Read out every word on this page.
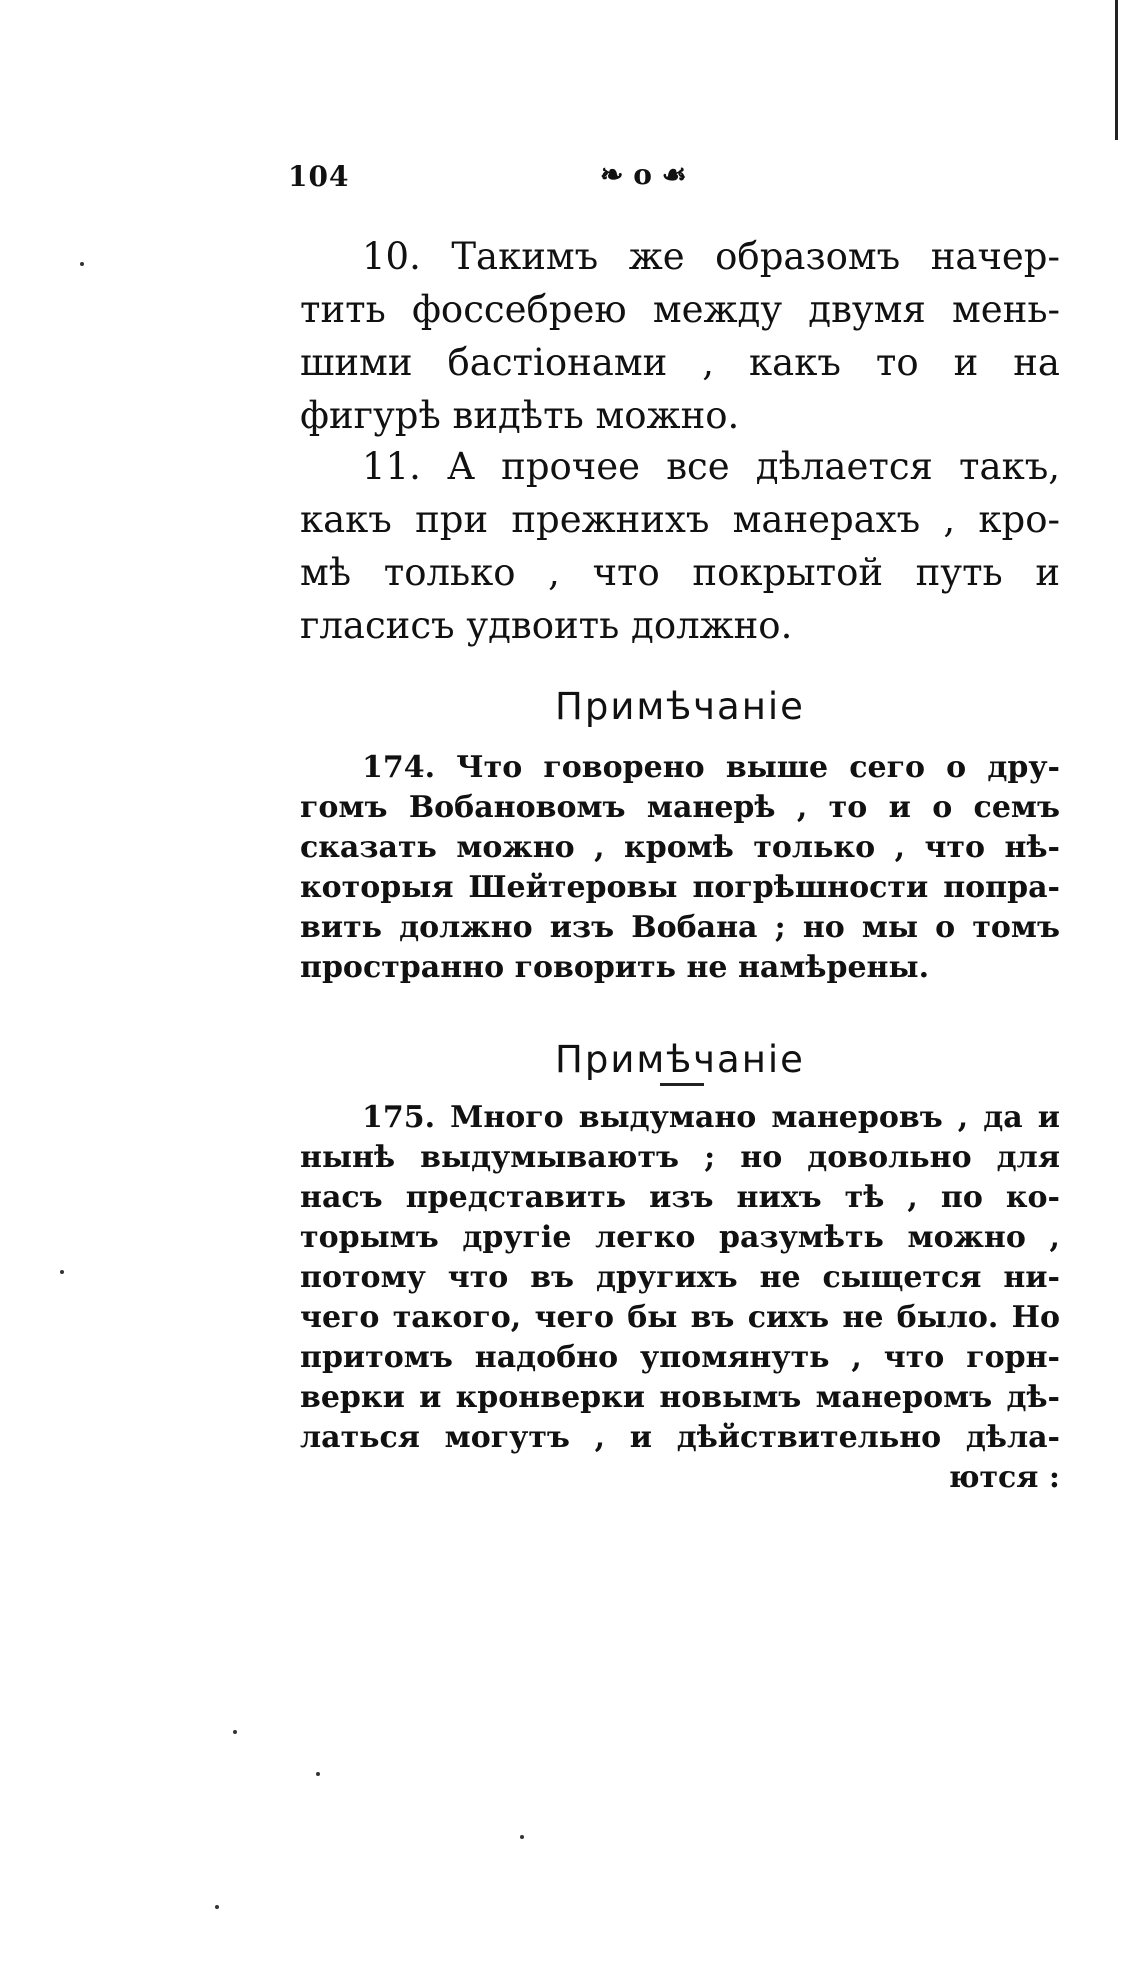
104	❧ o ☙
10. Такимъ же образомъ начер-
тить фоссебрею между двумя мень-
шими бастіонами , какъ то и на
фигурѣ видѣть можно.
11. А прочее все дѣлается такъ,
какъ при прежнихъ манерахъ , кро-
мѣ только , что покрытой путь и
гласисъ удвоить должно.
Примѣчаніе
174. Что говорено выше сего о дру-
гомъ Вобановомъ манерѣ , то и о семъ
сказать можно , кромѣ только , что нѣ-
которыя Шейтеровы погрѣшности попра-
вить должно изъ Вобана ; но мы о томъ
пространно говорить не намѣрены.
Примѣчаніе
175. Много выдумано манеровъ , да и
нынѣ выдумываютъ ; но довольно для
насъ представить изъ нихъ тѣ , по ко-
торымъ другіе легко разумѣть можно ,
потому что въ другихъ не сыщется ни-
чего такого, чего бы въ сихъ не было. Но
притомъ надобно упомянуть , что горн-
верки и кронверки новымъ манеромъ дѣ-
латься могутъ , и дѣйствительно дѣла-
ются :
